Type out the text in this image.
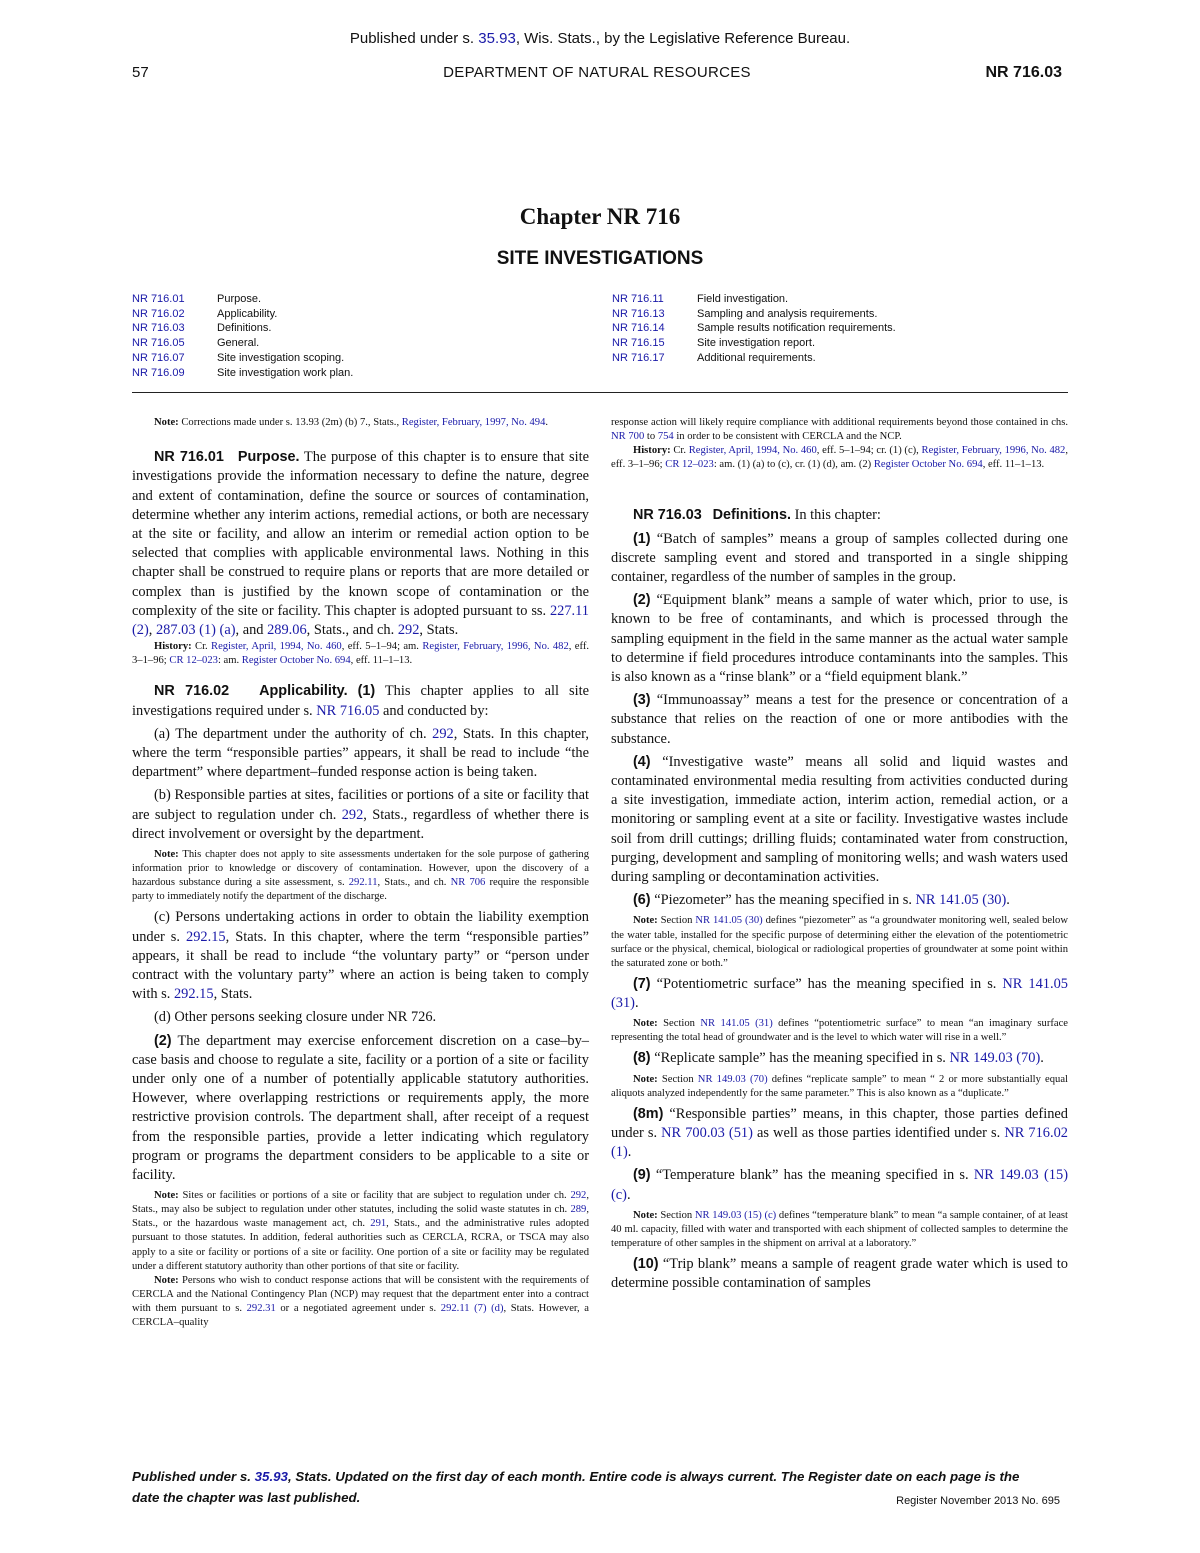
Published under s. 35.93, Wis. Stats., by the Legislative Reference Bureau.
57	DEPARTMENT OF NATURAL RESOURCES	NR 716.03
Chapter NR 716
SITE INVESTIGATIONS
NR 716.01	Purpose.
NR 716.02	Applicability.
NR 716.03	Definitions.
NR 716.05	General.
NR 716.07	Site investigation scoping.
NR 716.09	Site investigation work plan.
NR 716.11	Field investigation.
NR 716.13	Sampling and analysis requirements.
NR 716.14	Sample results notification requirements.
NR 716.15	Site investigation report.
NR 716.17	Additional requirements.

Note: Corrections made under s. 13.93 (2m) (b) 7., Stats., Register, February, 1997, No. 494.

NR 716.01 Purpose. The purpose of this chapter is to ensure that site investigations provide the information necessary to define the nature, degree and extent of contamination, define the source or sources of contamination, determine whether any interim actions, remedial actions, or both are necessary at the site or facility, and allow an interim or remedial action option to be selected that complies with applicable environmental laws. Nothing in this chapter shall be construed to require plans or reports that are more detailed or complex than is justified by the known scope of contamination or the complexity of the site or facility. This chapter is adopted pursuant to ss. 227.11 (2), 287.03 (1) (a), and 289.06, Stats., and ch. 292, Stats.

History: Cr. Register, April, 1994, No. 460, eff. 5–1–94; am. Register, February, 1996, No. 482, eff. 3–1–96; CR 12–023: am. Register October No. 694, eff. 11–1–13.

NR 716.02 Applicability. (1) This chapter applies to all site investigations required under s. NR 716.05 and conducted by:

(a) The department under the authority of ch. 292, Stats. In this chapter, where the term “responsible parties” appears, it shall be read to include “the department” where department–funded response action is being taken.

(b) Responsible parties at sites, facilities or portions of a site or facility that are subject to regulation under ch. 292, Stats., regardless of whether there is direct involvement or oversight by the department.

Note: This chapter does not apply to site assessments undertaken for the sole purpose of gathering information prior to knowledge or discovery of contamination. However, upon the discovery of a hazardous substance during a site assessment, s. 292.11, Stats., and ch. NR 706 require the responsible party to immediately notify the department of the discharge.

(c) Persons undertaking actions in order to obtain the liability exemption under s. 292.15, Stats. In this chapter, where the term “responsible parties” appears, it shall be read to include “the voluntary party” or “person under contract with the voluntary party” where an action is being taken to comply with s. 292.15, Stats.

(d) Other persons seeking closure under NR 726.

(2) The department may exercise enforcement discretion on a case–by–case basis and choose to regulate a site, facility or a portion of a site or facility under only one of a number of potentially applicable statutory authorities. However, where overlapping restrictions or requirements apply, the more restrictive provision controls. The department shall, after receipt of a request from the responsible parties, provide a letter indicating which regulatory program or programs the department considers to be applicable to a site or facility.

Note: Sites or facilities or portions of a site or facility that are subject to regulation under ch. 292, Stats., may also be subject to regulation under other statutes, including the solid waste statutes in ch. 289, Stats., or the hazardous waste management act, ch. 291, Stats., and the administrative rules adopted pursuant to those statutes. In addition, federal authorities such as CERCLA, RCRA, or TSCA may also apply to a site or facility or portions of a site or facility. One portion of a site or facility may be regulated under a different statutory authority than other portions of that site or facility.

Note: Persons who wish to conduct response actions that will be consistent with the requirements of CERCLA and the National Contingency Plan (NCP) may request that the department enter into a contract with them pursuant to s. 292.31 or a negotiated agreement under s. 292.11 (7) (d), Stats. However, a CERCLA–quality

response action will likely require compliance with additional requirements beyond those contained in chs. NR 700 to 754 in order to be consistent with CERCLA and the NCP.

History: Cr. Register, April, 1994, No. 460, eff. 5–1–94; cr. (1) (c), Register, February, 1996, No. 482, eff. 3–1–96; CR 12–023: am. (1) (a) to (c), cr. (1) (d), am. (2) Register October No. 694, eff. 11–1–13.

NR 716.03 Definitions. In this chapter:

(1) “Batch of samples” means a group of samples collected during one discrete sampling event and stored and transported in a single shipping container, regardless of the number of samples in the group.

(2) “Equipment blank” means a sample of water which, prior to use, is known to be free of contaminants, and which is processed through the sampling equipment in the field in the same manner as the actual water sample to determine if field procedures introduce contaminants into the samples. This is also known as a “rinse blank” or a “field equipment blank.”

(3) “Immunoassay” means a test for the presence or concentration of a substance that relies on the reaction of one or more antibodies with the substance.

(4) “Investigative waste” means all solid and liquid wastes and contaminated environmental media resulting from activities conducted during a site investigation, immediate action, interim action, remedial action, or a monitoring or sampling event at a site or facility. Investigative wastes include soil from drill cuttings; drilling fluids; contaminated water from construction, purging, development and sampling of monitoring wells; and wash waters used during sampling or decontamination activities.

(6) “Piezometer” has the meaning specified in s. NR 141.05 (30).

Note: Section NR 141.05 (30) defines “piezometer” as “a groundwater monitoring well, sealed below the water table, installed for the specific purpose of determining either the elevation of the potentiometric surface or the physical, chemical, biological or radiological properties of groundwater at some point within the saturated zone or both.”

(7) “Potentiometric surface” has the meaning specified in s. NR 141.05 (31).

Note: Section NR 141.05 (31) defines “potentiometric surface” to mean “an imaginary surface representing the total head of groundwater and is the level to which water will rise in a well.”

(8) “Replicate sample” has the meaning specified in s. NR 149.03 (70).

Note: Section NR 149.03 (70) defines “replicate sample” to mean “ 2 or more substantially equal aliquots analyzed independently for the same parameter.” This is also known as a “duplicate.”

(8m) “Responsible parties” means, in this chapter, those parties defined under s. NR 700.03 (51) as well as those parties identified under s. NR 716.02 (1).

(9) “Temperature blank” has the meaning specified in s. NR 149.03 (15) (c).

Note: Section NR 149.03 (15) (c) defines “temperature blank” to mean “a sample container, of at least 40 ml. capacity, filled with water and transported with each shipment of collected samples to determine the temperature of other samples in the shipment on arrival at a laboratory.”

(10) “Trip blank” means a sample of reagent grade water which is used to determine possible contamination of samples

Published under s. 35.93, Stats. Updated on the first day of each month. Entire code is always current. The Register date on each page is the date the chapter was last published.	Register November 2013 No. 695
